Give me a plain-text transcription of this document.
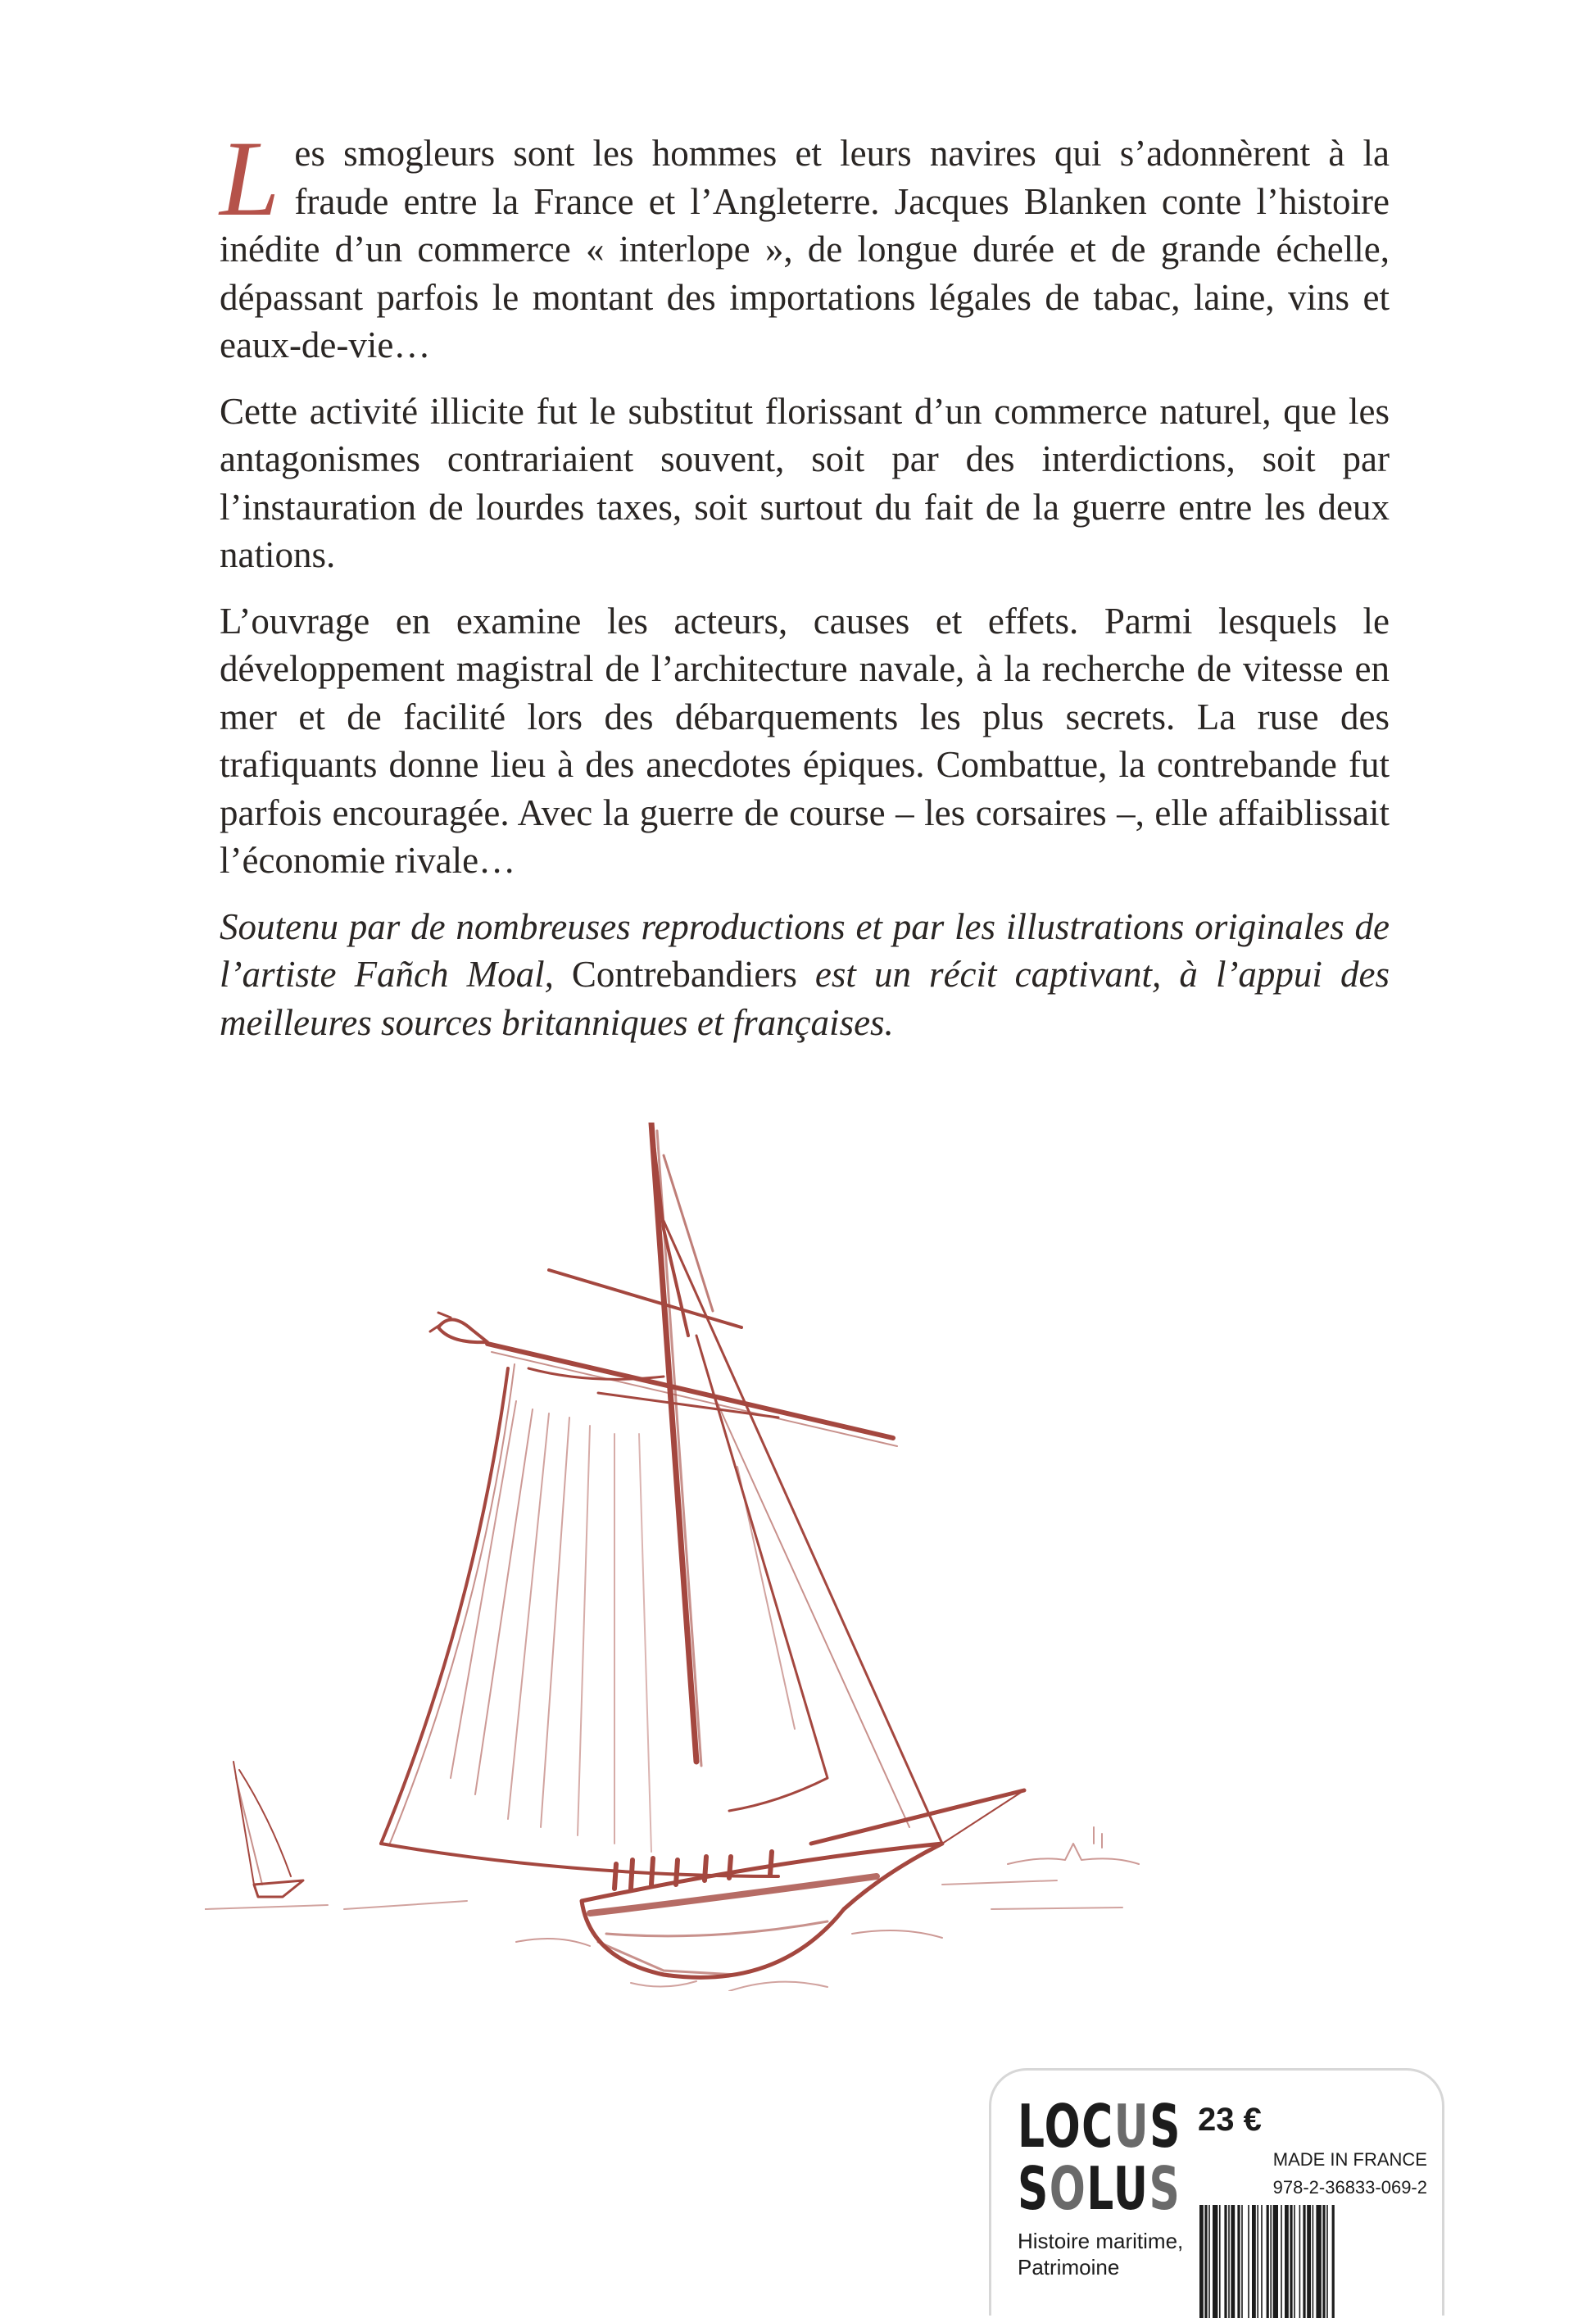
Les smogleurs sont les hommes et leurs navires qui s’adonnèrent à la fraude entre la France et l’Angleterre. Jacques Blanken conte l’histoire inédite d’un commerce « interlope », de longue durée et de grande échelle, dépassant parfois le montant des importations légales de tabac, laine, vins et eaux-de-vie…

Cette activité illicite fut le substitut florissant d’un commerce naturel, que les antagonismes contrariaient souvent, soit par des interdictions, soit par l’instauration de lourdes taxes, soit surtout du fait de la guerre entre les deux nations.

L’ouvrage en examine les acteurs, causes et effets. Parmi lesquels le développement magistral de l’architecture navale, à la recherche de vitesse en mer et de facilité lors des débarquements les plus secrets. La ruse des trafiquants donne lieu à des anecdotes épiques. Combattue, la contrebande fut parfois encouragée. Avec la guerre de course – les corsaires –, elle affaiblissait l’économie rivale…

Soutenu par de nombreuses reproductions et par les illustrations originales de l’artiste Fañch Moal, Contrebandiers est un récit captivant, à l’appui des meilleures sources britanniques et françaises.

LOCUS
SOLUS
Histoire maritime,
Patrimoine
23 €
MADE IN FRANCE
978-2-36833-069-2
